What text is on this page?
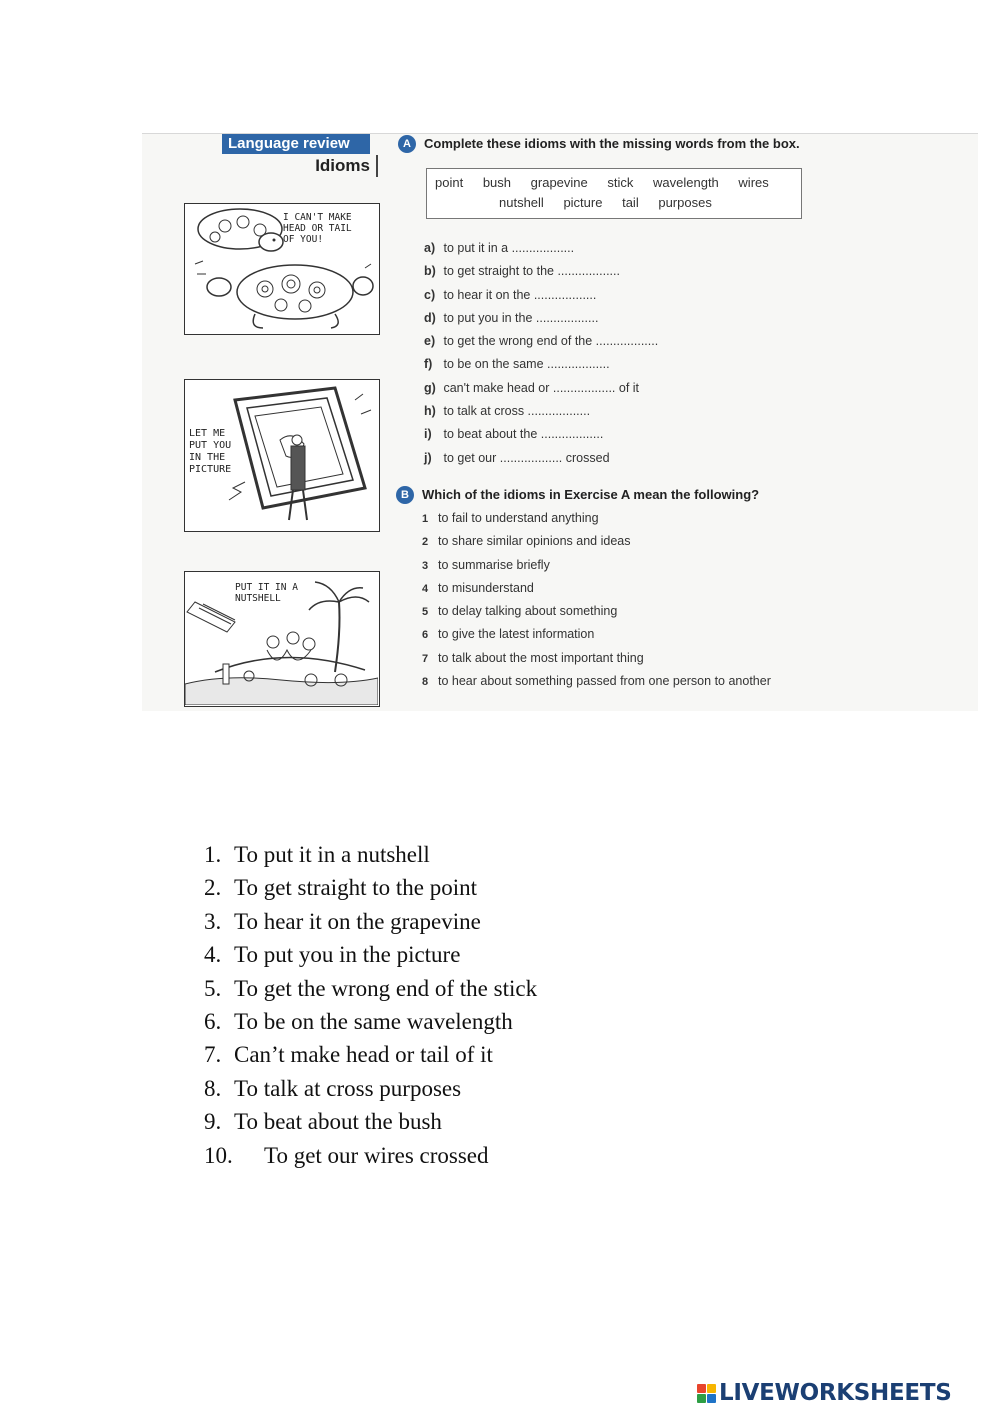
Language review
Idioms
I CAN'T MAKE
HEAD OR TAIL
OF YOU!
LET ME
PUT YOU
IN THE
PICTURE
PUT IT IN A
NUTSHELL
A	Complete these idioms with the missing words from the box.
point bush grapevine stick wavelength wires
nutshell picture tail purposes
a) to put it in a ..................
b) to get straight to the ..................
c) to hear it on the ..................
d) to put you in the ..................
e) to get the wrong end of the ..................
f) to be on the same ..................
g) can't make head or .................. of it
h) to talk at cross ..................
i) to beat about the ..................
j) to get our .................. crossed
B	Which of the idioms in Exercise A mean the following?
1 to fail to understand anything
2 to share similar opinions and ideas
3 to summarise briefly
4 to misunderstand
5 to delay talking about something
6 to give the latest information
7 to talk about the most important thing
8 to hear about something passed from one person to another
1. To put it in a nutshell
2. To get straight to the point
3. To hear it on the grapevine
4. To put you in the picture
5. To get the wrong end of the stick
6. To be on the same wavelength
7. Can’t make head or tail of it
8. To talk at cross purposes
9. To beat about the bush
10. To get our wires crossed
LIVEWORKSHEETS
